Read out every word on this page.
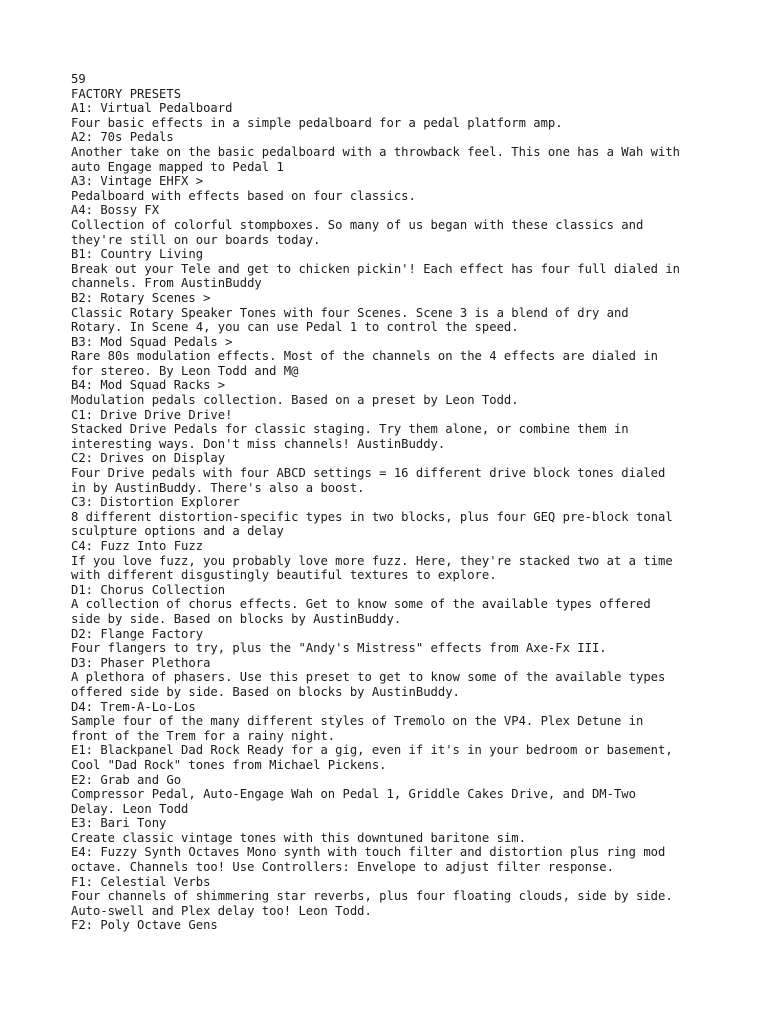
59
FACTORY PRESETS
A1: Virtual Pedalboard
Four basic effects in a simple pedalboard for a pedal platform amp.
A2: 70s Pedals
Another take on the basic pedalboard with a throwback feel. This one has a Wah with
auto Engage mapped to Pedal 1
A3: Vintage EHFX >
Pedalboard with effects based on four classics.
A4: Bossy FX
Collection of colorful stompboxes. So many of us began with these classics and
they're still on our boards today.
B1: Country Living
Break out your Tele and get to chicken pickin'! Each effect has four full dialed in
channels. From AustinBuddy
B2: Rotary Scenes >
Classic Rotary Speaker Tones with four Scenes. Scene 3 is a blend of dry and
Rotary. In Scene 4, you can use Pedal 1 to control the speed.
B3: Mod Squad Pedals >
Rare 80s modulation effects. Most of the channels on the 4 effects are dialed in
for stereo. By Leon Todd and M@
B4: Mod Squad Racks >
Modulation pedals collection. Based on a preset by Leon Todd.
C1: Drive Drive Drive!
Stacked Drive Pedals for classic staging. Try them alone, or combine them in
interesting ways. Don't miss channels! AustinBuddy.
C2: Drives on Display
Four Drive pedals with four ABCD settings = 16 different drive block tones dialed
in by AustinBuddy. There's also a boost.
C3: Distortion Explorer
8 different distortion-specific types in two blocks, plus four GEQ pre-block tonal
sculpture options and a delay
C4: Fuzz Into Fuzz
If you love fuzz, you probably love more fuzz. Here, they're stacked two at a time
with different disgustingly beautiful textures to explore.
D1: Chorus Collection
A collection of chorus effects. Get to know some of the available types offered
side by side. Based on blocks by AustinBuddy.
D2: Flange Factory
Four flangers to try, plus the "Andy's Mistress" effects from Axe-Fx III.
D3: Phaser Plethora
A plethora of phasers. Use this preset to get to know some of the available types
offered side by side. Based on blocks by AustinBuddy.
D4: Trem-A-Lo-Los
Sample four of the many different styles of Tremolo on the VP4. Plex Detune in
front of the Trem for a rainy night.
E1: Blackpanel Dad Rock Ready for a gig, even if it's in your bedroom or basement,
Cool "Dad Rock" tones from Michael Pickens.
E2: Grab and Go
Compressor Pedal, Auto-Engage Wah on Pedal 1, Griddle Cakes Drive, and DM-Two
Delay. Leon Todd
E3: Bari Tony
Create classic vintage tones with this downtuned baritone sim.
E4: Fuzzy Synth Octaves Mono synth with touch filter and distortion plus ring mod
octave. Channels too! Use Controllers: Envelope to adjust filter response.
F1: Celestial Verbs
Four channels of shimmering star reverbs, plus four floating clouds, side by side.
Auto-swell and Plex delay too! Leon Todd.
F2: Poly Octave Gens
